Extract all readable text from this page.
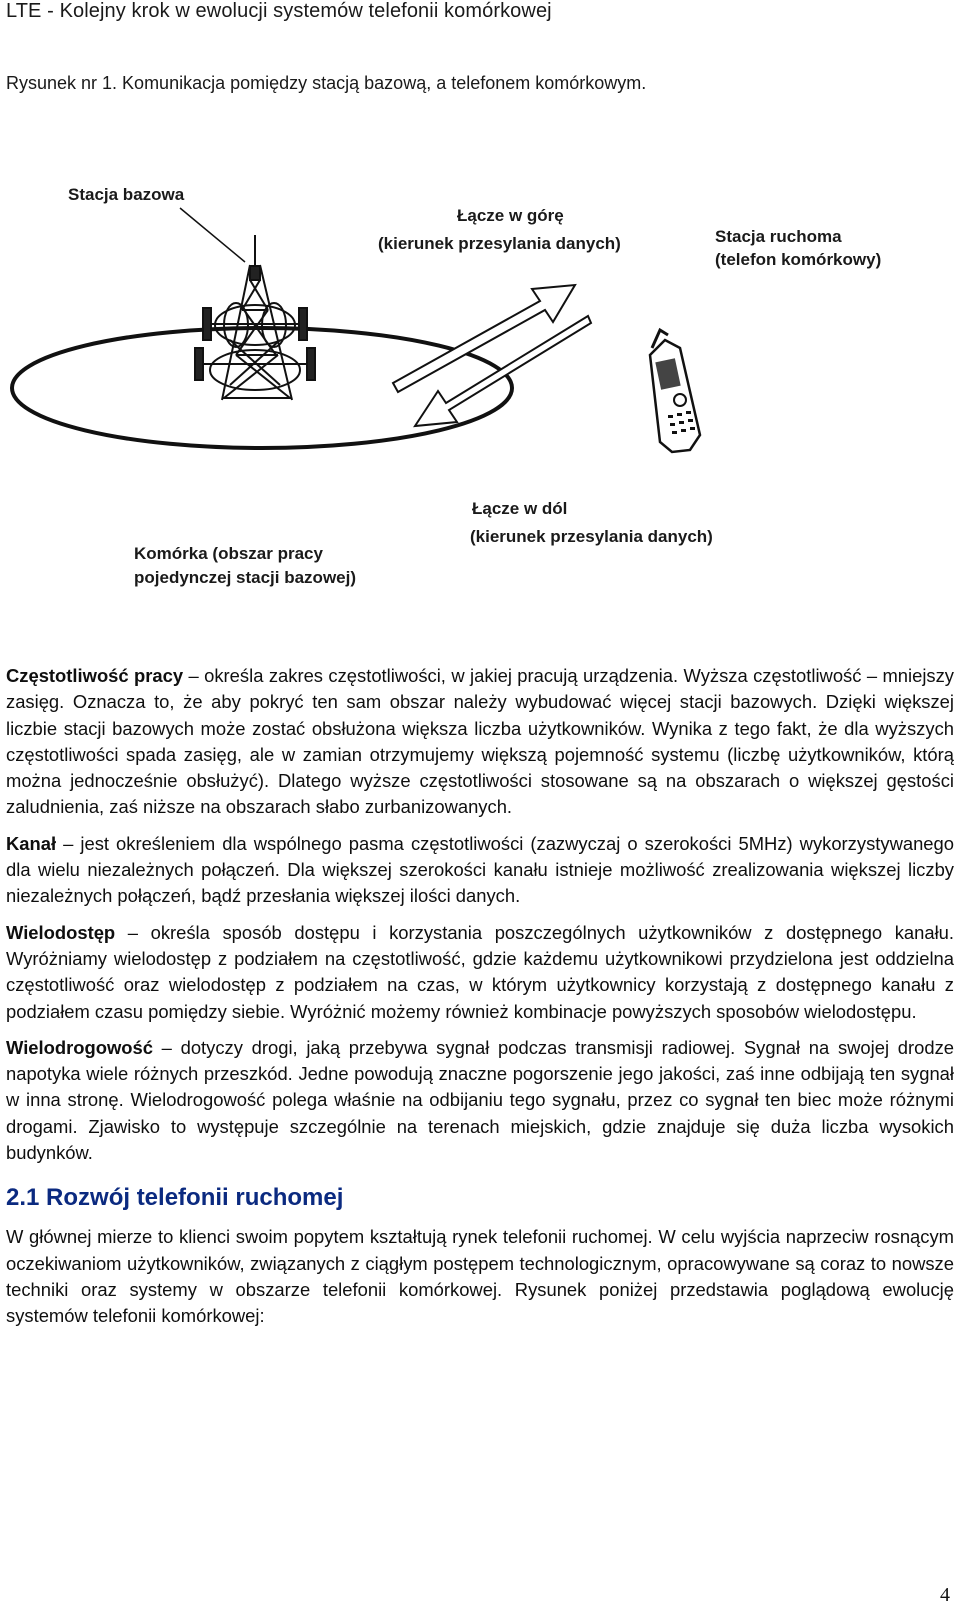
LTE - Kolejny krok w ewolucji systemów telefonii komórkowej
Rysunek nr 1. Komunikacja pomiędzy stacją bazową, a telefonem komórkowym.
Stacja bazowa
Łącze w górę
(kierunek przesylania danych)	Stacja ruchoma
(telefon komórkowy)
Łącze w dól
(kierunek przesylania danych)
Komórka (obszar pracy
pojedynczej stacji bazowej)

Częstotliwość pracy – określa zakres częstotliwości, w jakiej pracują urządzenia. Wyższa częstotliwość – mniejszy zasięg. Oznacza to, że aby pokryć ten sam obszar należy wybudować więcej stacji bazowych. Dzięki większej liczbie stacji bazowych może zostać obsłużona większa liczba użytkowników. Wynika z tego fakt, że dla wyższych częstotliwości spada zasięg, ale w zamian otrzymujemy większą pojemność systemu (liczbę użytkowników, którą można jednocześnie obsłużyć). Dlatego wyższe częstotliwości stosowane są na obszarach o większej gęstości zaludnienia, zaś niższe na obszarach słabo zurbanizowanych.

Kanał – jest określeniem dla wspólnego pasma częstotliwości (zazwyczaj o szerokości 5MHz) wykorzystywanego dla wielu niezależnych połączeń. Dla większej szerokości kanału istnieje możliwość zrealizowania większej liczby niezależnych połączeń, bądź przesłania większej ilości danych.

Wielodostęp – określa sposób dostępu i korzystania poszczególnych użytkowników z dostępnego kanału. Wyróżniamy wielodostęp z podziałem na częstotliwość, gdzie każdemu użytkownikowi przydzielona jest oddzielna częstotliwość oraz wielodostęp z podziałem na czas, w którym użytkownicy korzystają z dostępnego kanału z podziałem czasu pomiędzy siebie. Wyróżnić możemy również kombinacje powyższych sposobów wielodostępu.

Wielodrogowość – dotyczy drogi, jaką przebywa sygnał podczas transmisji radiowej. Sygnał na swojej drodze napotyka wiele różnych przeszkód. Jedne powodują znaczne pogorszenie jego jakości, zaś inne odbijają ten sygnał w inna stronę. Wielodrogowość polega właśnie na odbijaniu tego sygnału, przez co sygnał ten biec może różnymi drogami. Zjawisko to występuje szczególnie na terenach miejskich, gdzie znajduje się duża liczba wysokich budynków.

2.1 Rozwój telefonii ruchomej

W głównej mierze to klienci swoim popytem kształtują rynek telefonii ruchomej. W celu wyjścia naprzeciw rosnącym oczekiwaniom użytkowników, związanych z ciągłym postępem technologicznym, opracowywane są coraz to nowsze techniki oraz systemy w obszarze telefonii komórkowej. Rysunek poniżej przedstawia poglądową ewolucję systemów telefonii komórkowej:

4
